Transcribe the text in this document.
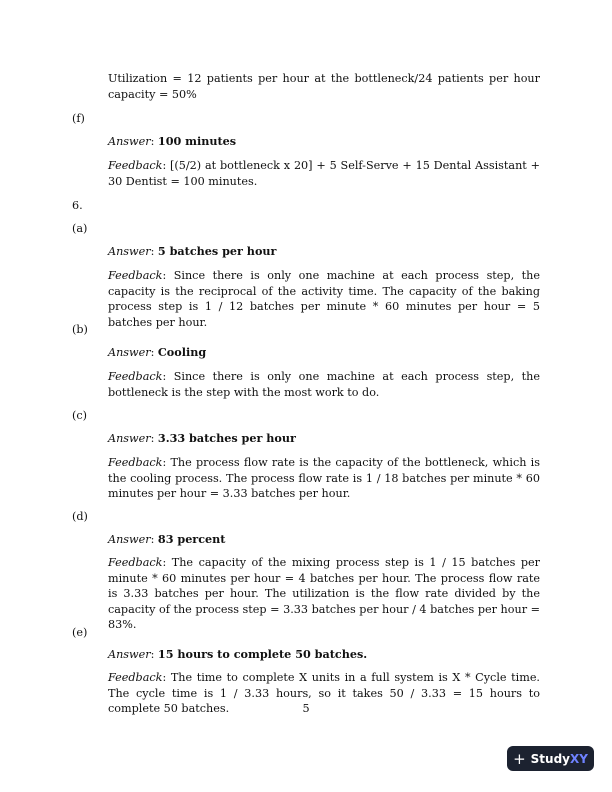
Utilization = 12 patients per hour at the bottleneck/24 patients per hour capacity = 50%

(f)

Answer: 100 minutes

Feedback: [(5/2) at bottleneck x 20] + 5 Self-Serve + 15 Dental Assistant + 30 Dentist = 100 minutes.

6.

(a)

Answer: 5 batches per hour

Feedback: Since there is only one machine at each process step, the capacity is the reciprocal of the activity time. The capacity of the baking process step is 1 / 12 batches per minute * 60 minutes per hour = 5 batches per hour.

(b)

Answer: Cooling

Feedback: Since there is only one machine at each process step, the bottleneck is the step with the most work to do.

(c)

Answer: 3.33 batches per hour

Feedback: The process flow rate is the capacity of the bottleneck, which is the cooling process. The process flow rate is 1 / 18 batches per minute * 60 minutes per hour = 3.33 batches per hour.

(d)

Answer: 83 percent

Feedback: The capacity of the mixing process step is 1 / 15 batches per minute * 60 minutes per hour = 4 batches per hour. The process flow rate is 3.33 batches per hour. The utilization is the flow rate divided by the capacity of the process step = 3.33 batches per hour / 4 batches per hour = 83%.

(e)

Answer: 15 hours to complete 50 batches.

Feedback: The time to complete X units in a full system is X * Cycle time. The cycle time is 1 / 3.33 hours, so it takes 50 / 3.33 = 15 hours to complete 50 batches.	5
+ StudyXY
